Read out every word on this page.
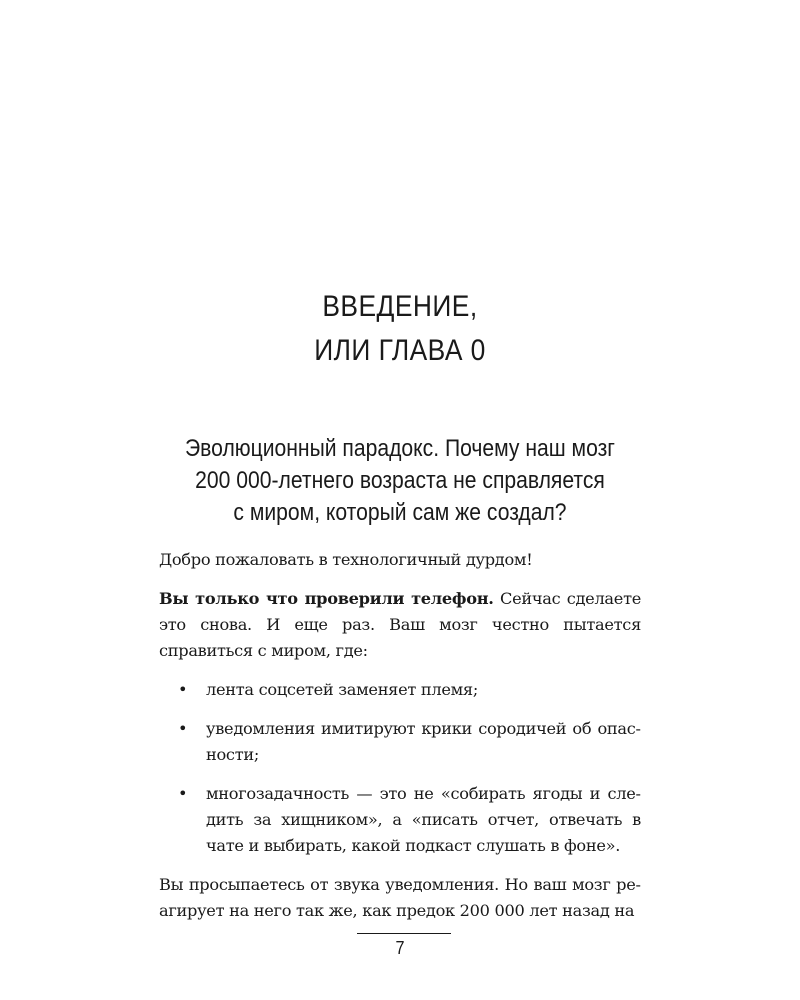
ВВЕДЕНИЕ,
ИЛИ ГЛАВА 0
Эволюционный парадокс. Почему наш мозг
200 000-летнего возраста не справляется
с миром, который сам же создал?

Добро пожаловать в технологичный дурдом!

Вы только что проверили телефон. Сейчас сделаете это снова. И еще раз. Ваш мозг честно пытается справиться с миром, где:

• лента соцсетей заменяет племя;
• уведомления имитируют крики сородичей об опасности;
• многозадачность — это не «собирать ягоды и следить за хищником», а «писать отчет, отвечать в чате и выбирать, какой подкаст слушать в фоне».

Вы просыпаетесь от звука уведомления. Но ваш мозг реагирует на него так же, как предок 200 000 лет назад на

7
